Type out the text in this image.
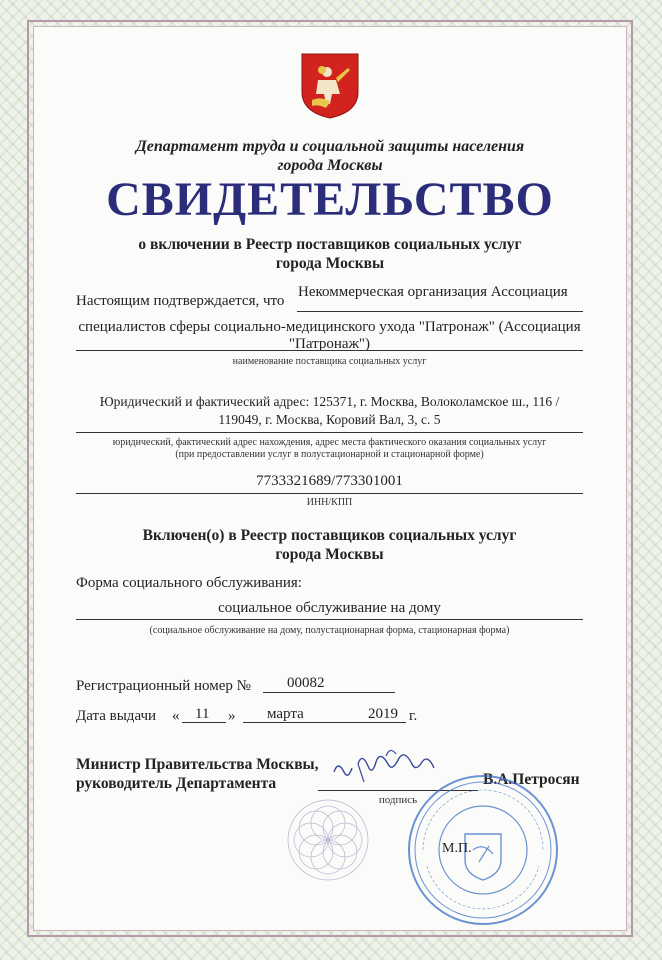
Департамент труда и социальной защиты населения
города Москвы
СВИДЕТЕЛЬСТВО
о включении в Реестр поставщиков социальных услуг
города Москвы
Настоящим подтверждается, что
Некоммерческая организация Ассоциация
специалистов сферы социально-медицинского ухода "Патронаж" (Ассоциация
"Патронаж")
наименование поставщика социальных услуг
Юридический и фактический адрес: 125371, г. Москва, Волоколамское ш., 116 /
119049, г. Москва, Коровий Вал, 3, с. 5
юридический, фактический адрес нахождения, адрес места фактического оказания социальных услуг
(при предоставлении услуг в полустационарной и стационарной форме)
7733321689/773301001
ИНН/КПП
Включен(о) в Реестр поставщиков социальных услуг
города Москвы
Форма социального обслуживания:
социальное обслуживание на дому
(социальное обслуживание на дому, полустационарная форма, стационарная форма)
Регистрационный номер № 00082
Дата выдачи « 11 » марта	2019 г.
Министр Правительства Москвы,
руководитель Департамента
подпись
В.А.Петросян
М.П.
